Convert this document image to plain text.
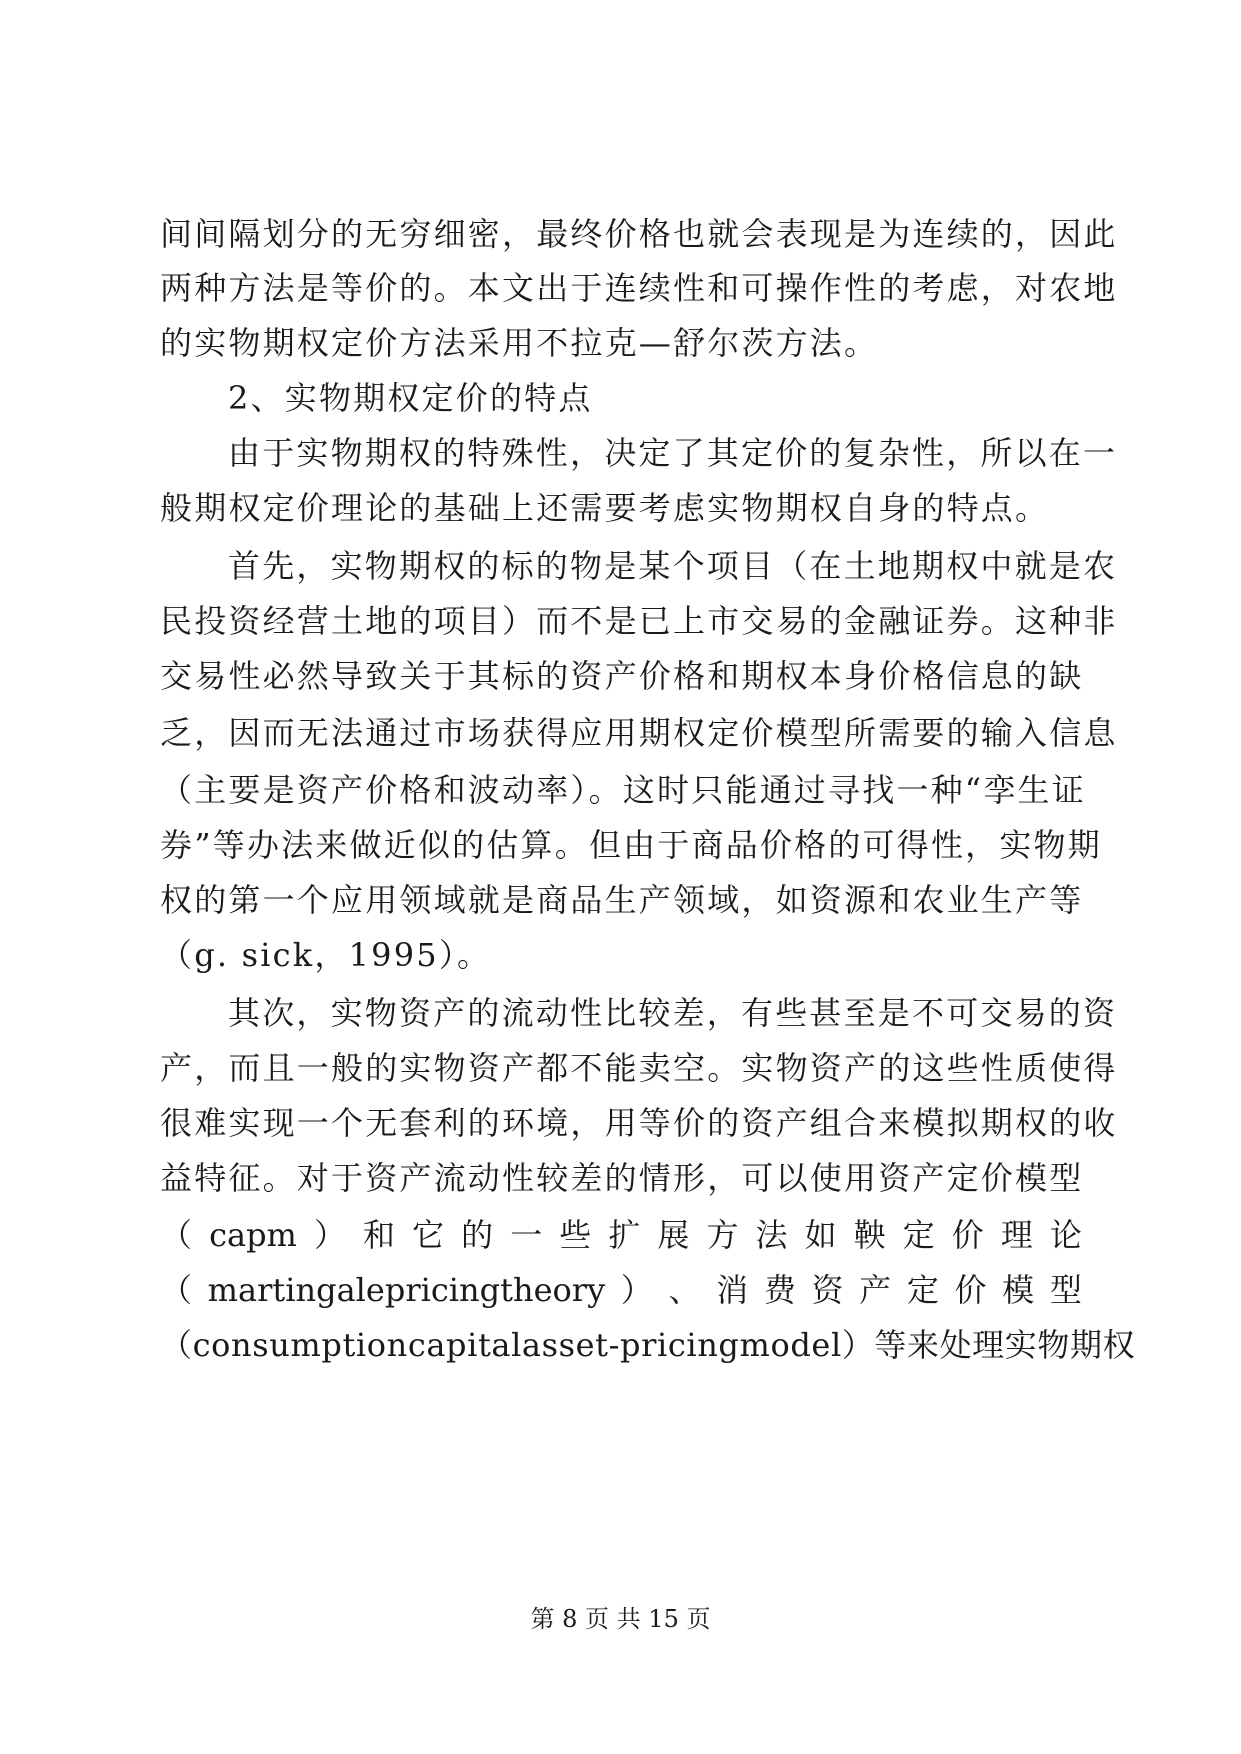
间间隔划分的无穷细密，最终价格也就会表现是为连续的，因此
两种方法是等价的。本文出于连续性和可操作性的考虑，对农地
的实物期权定价方法采用不拉克—舒尔茨方法。
2、实物期权定价的特点
由于实物期权的特殊性，决定了其定价的复杂性，所以在一
般期权定价理论的基础上还需要考虑实物期权自身的特点。
首先，实物期权的标的物是某个项目（在土地期权中就是农
民投资经营土地的项目）而不是已上市交易的金融证券。这种非
交易性必然导致关于其标的资产价格和期权本身价格信息的缺
乏，因而无法通过市场获得应用期权定价模型所需要的输入信息
（主要是资产价格和波动率）。这时只能通过寻找一种“孪生证
券”等办法来做近似的估算。但由于商品价格的可得性，实物期
权的第一个应用领域就是商品生产领域，如资源和农业生产等
（g. sick，1995）。
其次，实物资产的流动性比较差，有些甚至是不可交易的资
产，而且一般的实物资产都不能卖空。实物资产的这些性质使得
很难实现一个无套利的环境，用等价的资产组合来模拟期权的收
益特征。对于资产流动性较差的情形，可以使用资产定价模型
（ capm ） 和 它 的 一 些 扩 展 方 法 如 鞅 定 价 理 论
（ martingalepricingtheory ） 、 消 费 资 产 定 价 模 型
（consumptioncapitalasset-pricingmodel）等来处理实物期权
第 8 页 共 15 页
